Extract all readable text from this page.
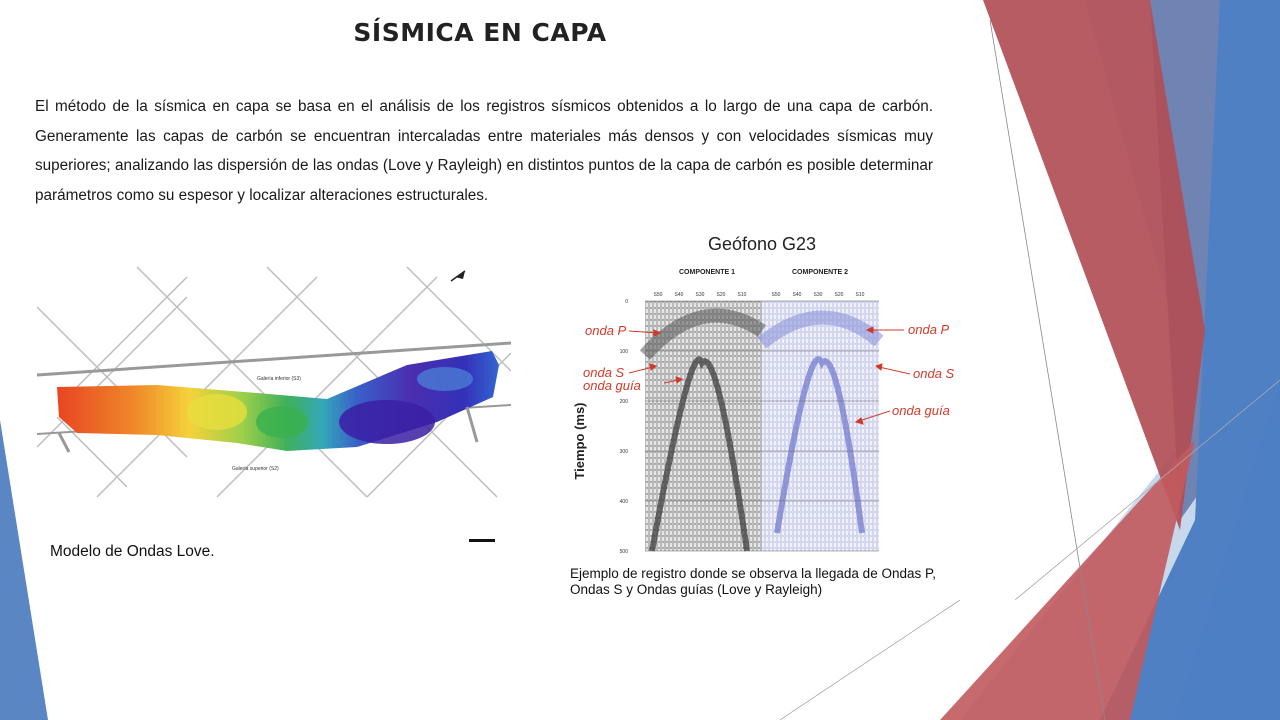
SÍSMICA EN CAPA
El método de la sísmica en capa se basa en el análisis de los registros sísmicos obtenidos a lo largo de una capa de carbón. Generamente las capas de carbón se encuentran intercaladas entre materiales más densos y con velocidades sísmicas muy superiores; analizando las dispersión de las ondas (Love y Rayleigh) en distintos puntos de la capa de carbón es posible determinar parámetros como su espesor y localizar alteraciones estructurales.
Galería inferior (S3)
Galería superior (S2)
Modelo de Ondas Love.
Geófono G23
COMPONENTE 1	COMPONENTE 2
S50 S40 S30 S20 S10	S50 S40 S30 S20 S10
0
100
200
300
400
500
Tiempo (ms)
onda P
onda S
onda guía
onda P
onda S
onda guía
Ejemplo de registro donde se observa la llegada de Ondas P, Ondas S y Ondas guías (Love y Rayleigh)
